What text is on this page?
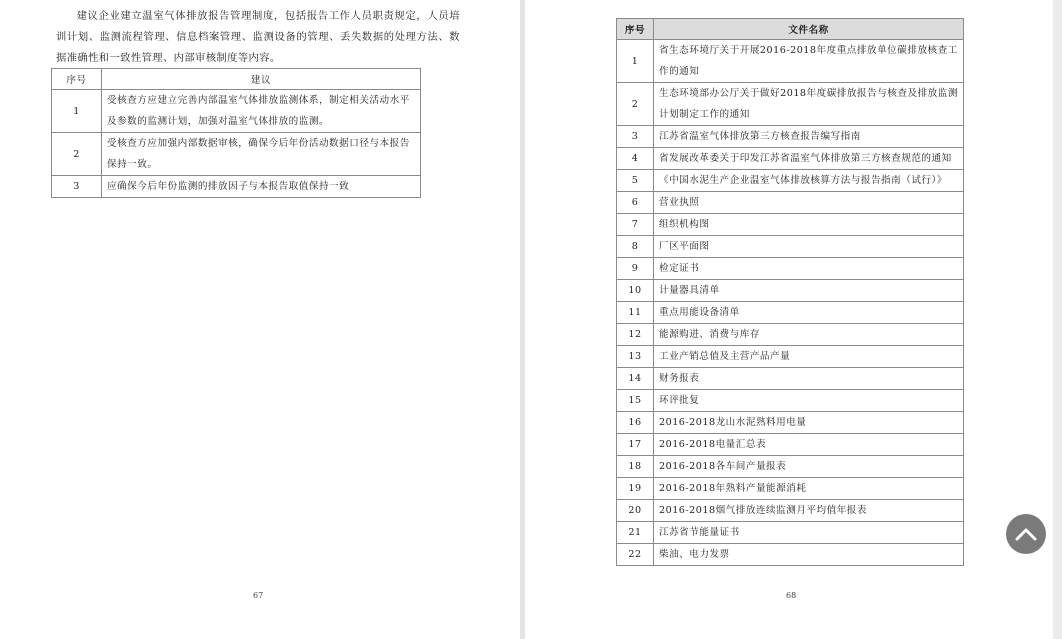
建议企业建立温室气体排放报告管理制度，包括报告工作人员职责规定，人员培训计划、监测流程管理、信息档案管理、监测设备的管理、丢失数据的处理方法、数据准确性和一致性管理、内部审核制度等内容。

序号	建议
1	受核查方应建立完善内部温室气体排放监测体系，制定相关活动水平及参数的监测计划，加强对温室气体排放的监测。
2	受核查方应加强内部数据审核，确保今后年份活动数据口径与本报告保持一致。
3	应确保今后年份监测的排放因子与本报告取值保持一致
67	68
序号	文件名称
1	省生态环境厅关于开展2016-2018年度重点排放单位碳排放核查工作的通知
2	生态环境部办公厅关于做好2018年度碳排放报告与核查及排放监测计划制定工作的通知
3	江苏省温室气体排放第三方核查报告编写指南
4	省发展改革委关于印发江苏省温室气体排放第三方核查规范的通知
5	《中国水泥生产企业温室气体排放核算方法与报告指南（试行）》
6	营业执照
7	组织机构图
8	厂区平面图
9	检定证书
10	计量器具清单
11	重点用能设备清单
12	能源购进、消费与库存
13	工业产销总值及主营产品产量
14	财务报表
15	环评批复
16	2016-2018龙山水泥熟料用电量
17	2016-2018电量汇总表
18	2016-2018各车间产量报表
19	2016-2018年熟料产量能源消耗
20	2016-2018烟气排放连续监测月平均值年报表
21	江苏省节能量证书
22	柴油、电力发票
